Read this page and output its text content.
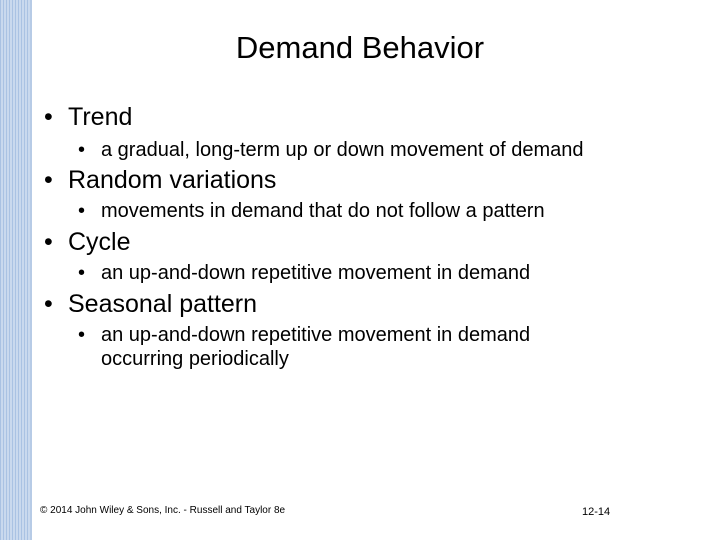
Demand Behavior
• Trend
• a gradual, long-term up or down movement of demand
• Random variations
• movements in demand that do not follow a pattern
• Cycle
• an up-and-down repetitive movement in demand
• Seasonal pattern
• an up-and-down repetitive movement in demand
occurring periodically
© 2014 John Wiley & Sons, Inc. - Russell and Taylor 8e	12-14
